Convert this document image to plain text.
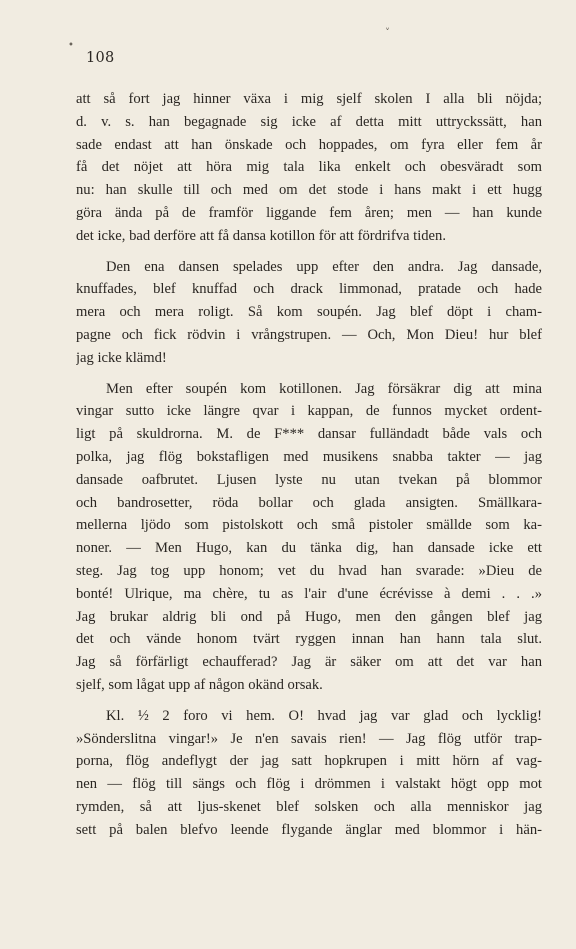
•
˅
108
att så fort jag hinner växa i mig sjelf skolen I alla bli nöjda;
d. v. s. han begagnade sig icke af detta mitt uttryckssätt, han
sade endast att han önskade och hoppades, om fyra eller fem år
få det nöjet att höra mig tala lika enkelt och obesväradt som
nu: han skulle till och med om det stode i hans makt i ett hugg
göra ända på de framför liggande fem åren; men — han kunde
det icke, bad derföre att få dansa kotillon för att fördrifva tiden.
Den ena dansen spelades upp efter den andra. Jag dansade,
knuffades, blef knuffad och drack limmonad, pratade och hade
mera och mera roligt. Så kom soupén. Jag blef döpt i cham-
pagne och fick rödvin i vrångstrupen. — Och, Mon Dieu! hur blef
jag icke klämd!
Men efter soupén kom kotillonen. Jag försäkrar dig att mina
vingar sutto icke längre qvar i kappan, de funnos mycket ordent-
ligt på skuldrorna. M. de F*** dansar fulländadt både vals och
polka, jag flög bokstafligen med musikens snabba takter — jag
dansade oafbrutet. Ljusen lyste nu utan tvekan på blommor
och bandrosetter, röda bollar och glada ansigten. Smällkara-
mellerna ljödo som pistolskott och små pistoler smällde som ka-
noner. — Men Hugo, kan du tänka dig, han dansade icke ett
steg. Jag tog upp honom; vet du hvad han svarade: »Dieu de
bonté! Ulrique, ma chère, tu as l'air d'une écrévisse à demi . . .»
Jag brukar aldrig bli ond på Hugo, men den gången blef jag
det och vände honom tvärt ryggen innan han hann tala slut.
Jag så förfärligt echaufferad? Jag är säker om att det var han
sjelf, som lågat upp af någon okänd orsak.
Kl. ½ 2 foro vi hem. O! hvad jag var glad och lycklig!
»Sönderslitna vingar!» Je n'en savais rien! — Jag flög utför trap-
porna, flög andeflygt der jag satt hopkrupen i mitt hörn af vag-
nen — flög till sängs och flög i drömmen i valstakt högt opp mot
rymden, så att ljus-skenet blef solsken och alla menniskor jag
sett på balen blefvo leende flygande änglar med blommor i hän-
